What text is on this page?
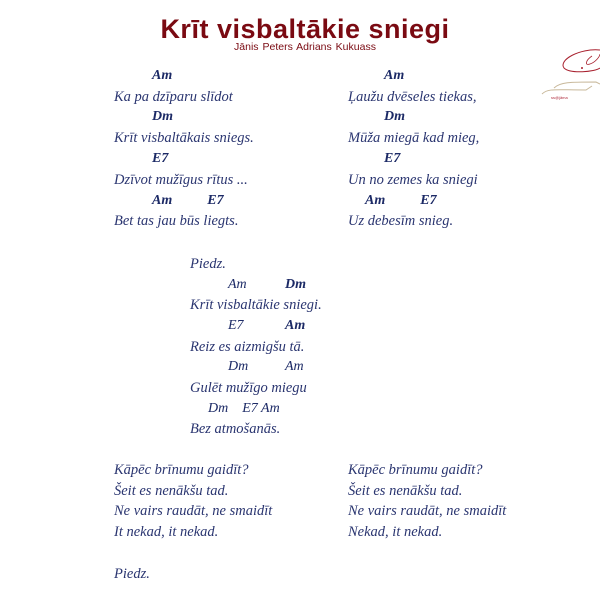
Krīt visbaltākie sniegi
Jānis Peters Adrians Kukuass
ss@jāma
Am
Ka pa dzīparu slīdot
Dm
Krīt visbaltākais sniegs.
E7
Dzīvot mužīgus rītus ...
Am          E7
Bet tas jau būs liegts.
Am
Ļaužu dvēseles tiekas,
Dm
Mūža miegā kad mieg,
E7
Un no zemes ka sniegi
Am          E7
Uz debesīm snieg.
Piedz.
Am	Dm
Krīt visbaltākie sniegi.
E7	Am
Reiz es aizmigšu tā.
Dm	Am
Gulēt mužīgo miegu
Dm    E7 Am
Bez atmošanās.
Kāpēc brīnumu gaidīt?
Šeit es nenākšu tad.
Ne vairs raudāt, ne smaidīt
It nekad, it nekad.
Kāpēc brīnumu gaidīt?
Šeit es nenākšu tad.
Ne vairs raudāt, ne smaidīt
Nekad, it nekad.
Piedz.
